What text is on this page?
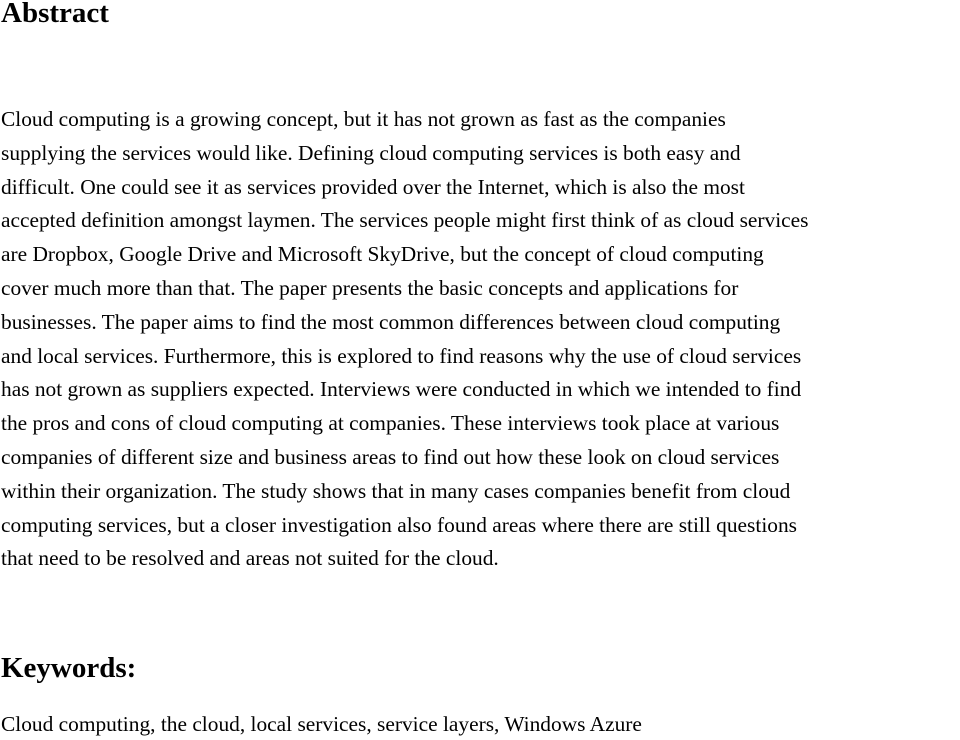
Abstract

Cloud computing is a growing concept, but it has not grown as fast as the companies
supplying the services would like. Defining cloud computing services is both easy and
difficult. One could see it as services provided over the Internet, which is also the most
accepted definition amongst laymen. The services people might first think of as cloud services
are Dropbox, Google Drive and Microsoft SkyDrive, but the concept of cloud computing
cover much more than that. The paper presents the basic concepts and applications for
businesses. The paper aims to find the most common differences between cloud computing
and local services. Furthermore, this is explored to find reasons why the use of cloud services
has not grown as suppliers expected. Interviews were conducted in which we intended to find
the pros and cons of cloud computing at companies. These interviews took place at various
companies of different size and business areas to find out how these look on cloud services
within their organization. The study shows that in many cases companies benefit from cloud
computing services, but a closer investigation also found areas where there are still questions
that need to be resolved and areas not suited for the cloud.

Keywords:

Cloud computing, the cloud, local services, service layers, Windows Azure
